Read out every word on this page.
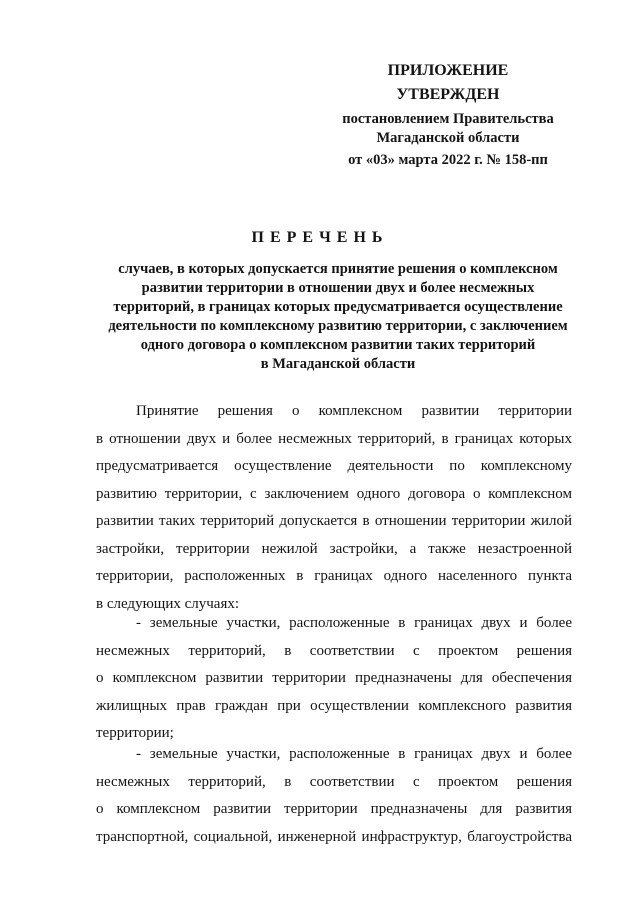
ПРИЛОЖЕНИЕ
УТВЕРЖДЕН
постановлением Правительства
Магаданской области
от «03» марта 2022 г. № 158-пп
ПЕРЕЧЕНЬ
случаев, в которых допускается принятие решения о комплексном
развитии территории в отношении двух и более несмежных
территорий, в границах которых предусматривается осуществление
деятельности по комплексному развитию территории, с заключением
одного договора о комплексном развитии таких территорий
в Магаданской области
Принятие решения о комплексном развитии территории
в отношении двух и более несмежных территорий, в границах которых
предусматривается осуществление деятельности по комплексному
развитию территории, с заключением одного договора о комплексном
развитии таких территорий допускается в отношении территории жилой
застройки, территории нежилой застройки, а также незастроенной
территории, расположенных в границах одного населенного пункта
в следующих случаях:
- земельные участки, расположенные в границах двух и более
несмежных территорий, в соответствии с проектом решения
о комплексном развитии территории предназначены для обеспечения
жилищных прав граждан при осуществлении комплексного развития
территории;
- земельные участки, расположенные в границах двух и более
несмежных территорий, в соответствии с проектом решения
о комплексном развитии территории предназначены для развития
транспортной, социальной, инженерной инфраструктур, благоустройства
